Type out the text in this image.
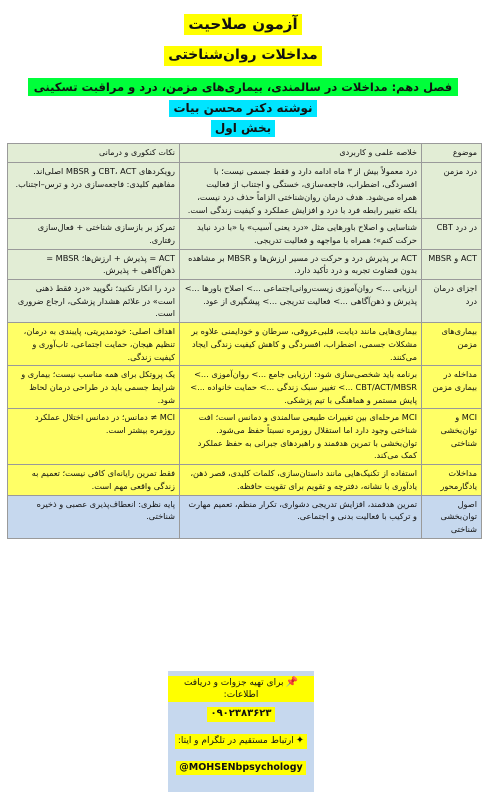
آزمون صلاحیت
مداخلات روان‌شناختی
فصل دهم: مداخلات در سالمندی، بیماری‌های مزمن، درد و مراقبت تسکینی
نوشته دکتر محسن بیات
بخش اول
موضوع	خلاصه علمی و کاربردی	نکات کنکوری و درمانی
درد مزمن	درد معمولاً بیش از ۳ ماه ادامه دارد و فقط جسمی نیست؛ با افسردگی، اضطراب، فاجعه‌سازی، خستگی و اجتناب از فعالیت همراه می‌شود. هدف درمان روان‌شناختی الزاماً حذف درد نیست، بلکه تغییر رابطه فرد با درد و افزایش عملکرد و کیفیت زندگی است.	رویکردهای CBT، ACT و MBSR اصلی‌اند. مفاهیم کلیدی: فاجعه‌سازی درد و ترس–اجتناب.
در درد CBT	شناسایی و اصلاح باورهایی مثل «درد یعنی آسیب» یا «با درد نباید حرکت کنم»؛ همراه با مواجهه و فعالیت تدریجی.	تمرکز بر بازسازی شناختی + فعال‌سازی رفتاری.
ACT و MBSR	ACT بر پذیرش درد و حرکت در مسیر ارزش‌ها و MBSR بر مشاهده بدون قضاوت تجربه و درد تأکید دارد.	ACT = پذیرش + ارزش‌ها؛ MBSR = ذهن‌آگاهی + پذیرش.
اجزای درمان درد	ارزیابی ...> روان‌آموزی زیست‌روانی‌اجتماعی ...> اصلاح باورها ...> پذیرش و ذهن‌آگاهی ...> فعالیت تدریجی ...> پیشگیری از عود.	درد را انکار نکنید؛ نگویید «درد فقط ذهنی است» در علائم هشدار پزشکی، ارجاع ضروری است.
بیماری‌های مزمن	بیماری‌هایی مانند دیابت، قلبی‌عروقی، سرطان و خودایمنی علاوه بر مشکلات جسمی، اضطراب، افسردگی و کاهش کیفیت زندگی ایجاد می‌کنند.	اهداف اصلی: خودمدیریتی، پایبندی به درمان، تنظیم هیجان، حمایت اجتماعی، تاب‌آوری و کیفیت زندگی.
مداخله در بیماری مزمن	برنامه باید شخصی‌سازی شود: ارزیابی جامع ...> روان‌آموزی ...> CBT/ACT/MBSR ...> تغییر سبک زندگی ...> حمایت خانواده ...> پایش مستمر و هماهنگی با تیم پزشکی.	یک پروتکل برای همه مناسب نیست؛ بیماری و شرایط جسمی باید در طراحی درمان لحاظ شود.
MCI و توان‌بخشی شناختی	MCI مرحله‌ای بین تغییرات طبیعی سالمندی و دمانس است؛ افت شناختی وجود دارد اما استقلال روزمره نسبتاً حفظ می‌شود. توان‌بخشی با تمرین هدفمند و راهبردهای جبرانی به حفظ عملکرد کمک می‌کند.	MCI ≠ دمانس؛ در دمانس اختلال عملکرد روزمره بیشتر است.
مداخلات یادگارمحور	استفاده از تکنیک‌هایی مانند داستان‌سازی، کلمات کلیدی، قصر ذهن، یادآوری با نشانه، دفترچه و تقویم برای تقویت حافظه.	فقط تمرین رایانه‌ای کافی نیست؛ تعمیم به زندگی واقعی مهم است.
اصول توان‌بخشی شناختی	تمرین هدفمند، افزایش تدریجی دشواری، تکرار منظم، تعمیم مهارت و ترکیب با فعالیت بدنی و اجتماعی.	پایه نظری: انعطاف‌پذیری عصبی و ذخیره شناختی.
📌برای تهیه جزوات و دریافت اطلاعات:
۰۹۰۲۳۸۳۶۲۳
✦ارتباط مستقیم در تلگرام و ایتا:
@MOHSENbpsychology
